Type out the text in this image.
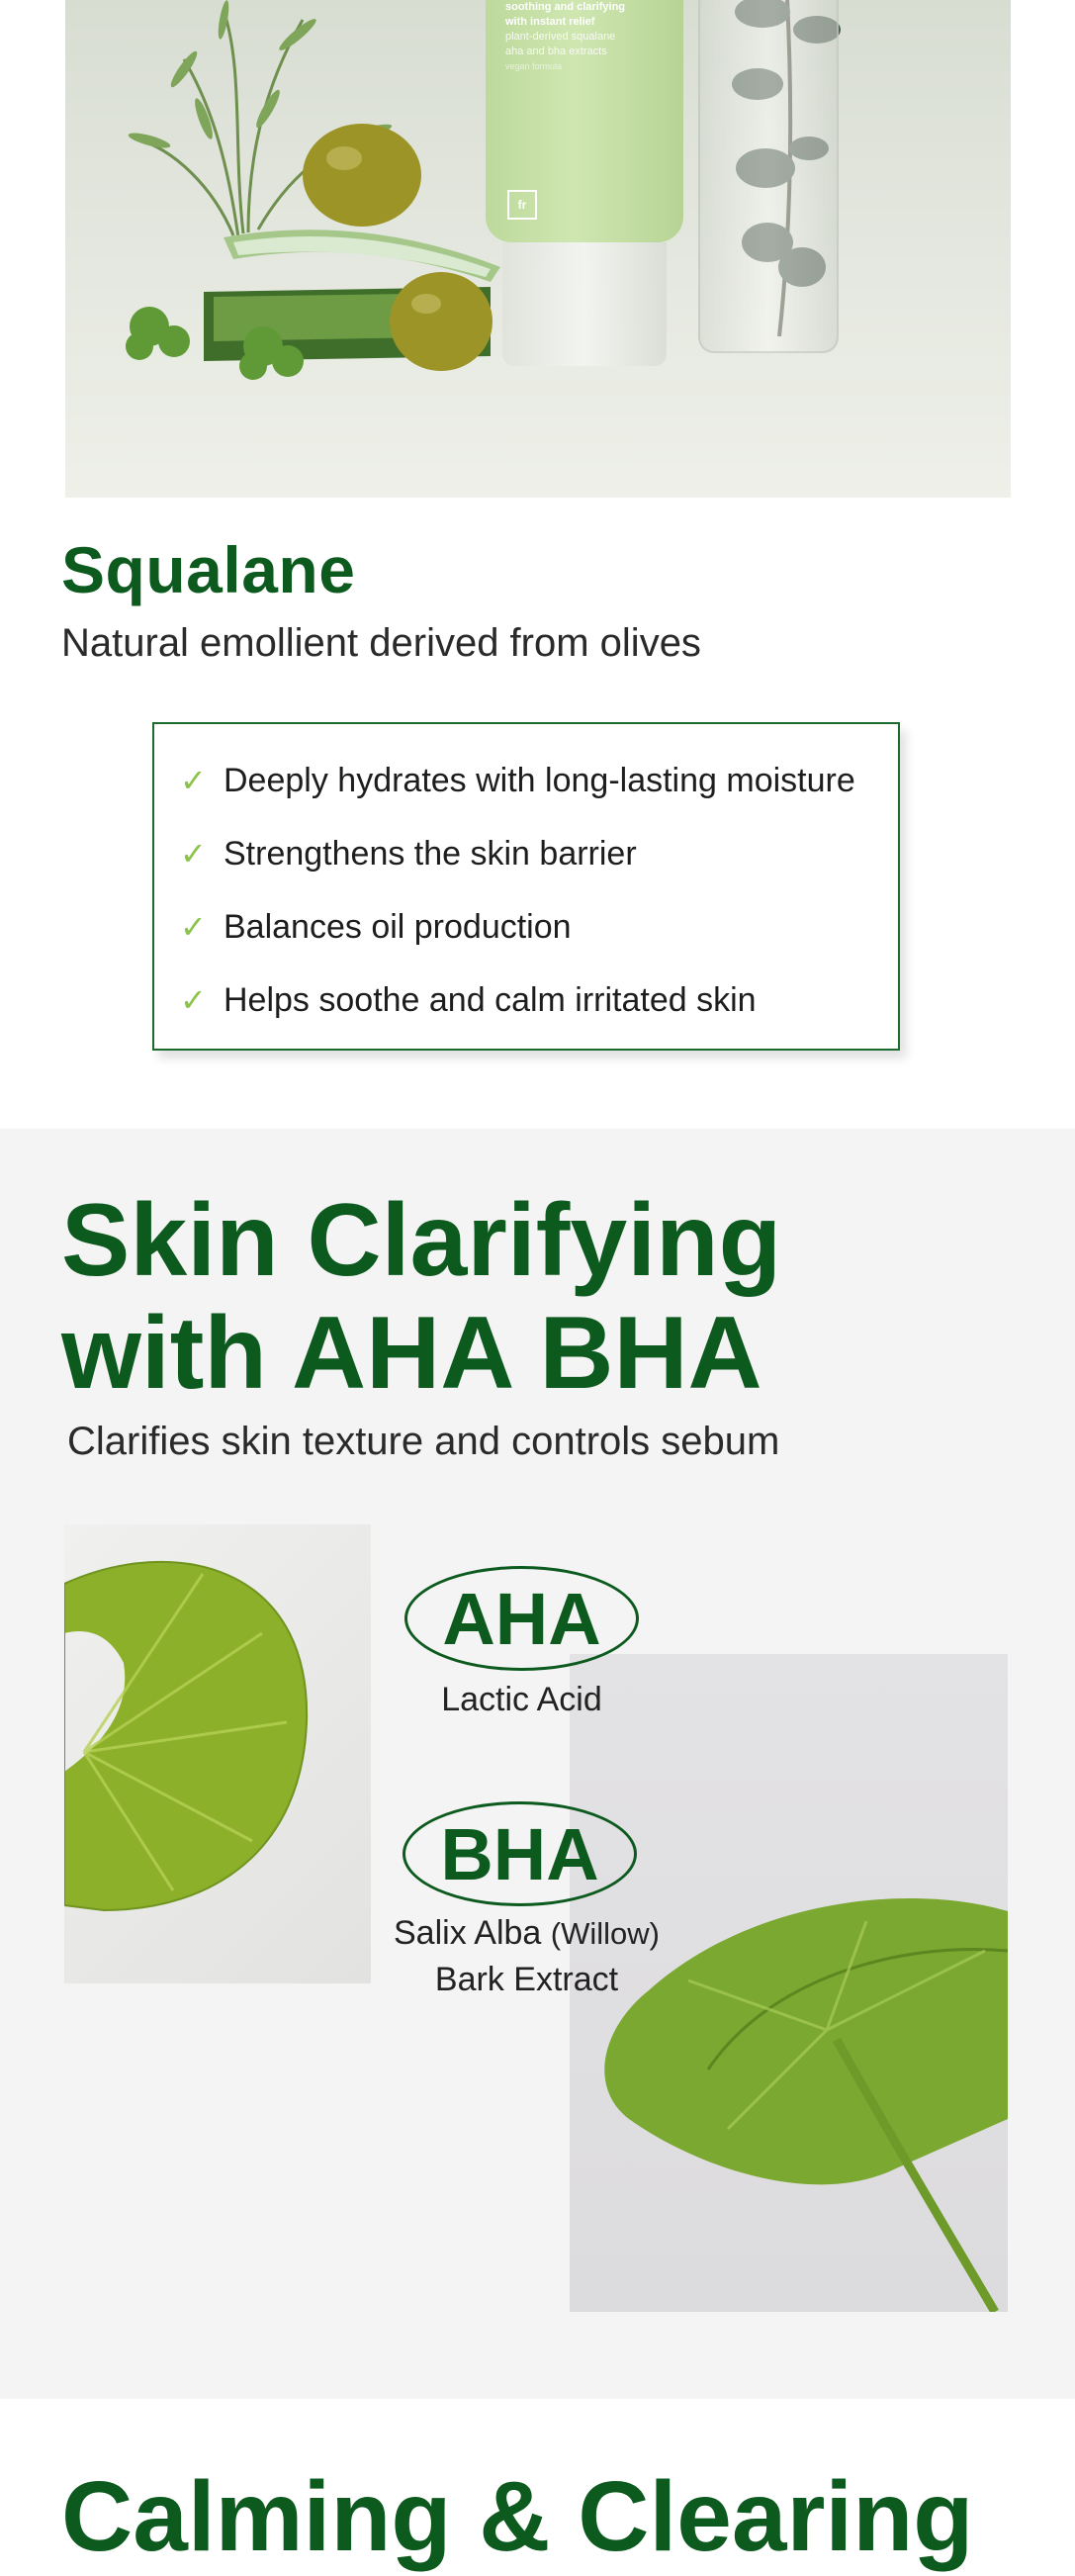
soothing and clarifying
with instant relief
plant-derived squalane
aha and bha extracts
vegan formula
fr
Squalane

Natural emollient derived from olives

✓ Deeply hydrates with long-lasting moisture
✓ Strengthens the skin barrier
✓ Balances oil production
✓ Helps soothe and calm irritated skin
Skin Clarifying
with AHA BHA

Clarifies skin texture and controls sebum

AHA
Lactic Acid
BHA
Salix Alba (Willow)
Bark Extract
Calming & Clearing
